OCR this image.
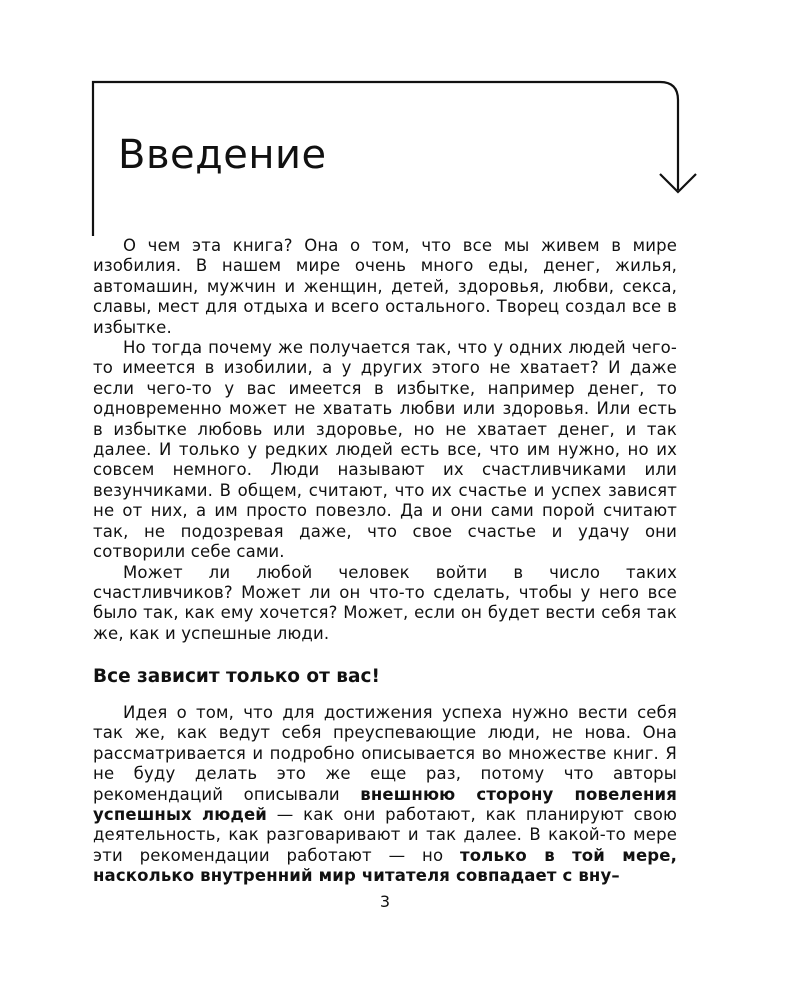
Введение

О чем эта книга? Она о том, что все мы живем в мире изобилия. В нашем мире очень много еды, денег, жилья, автомашин, мужчин и женщин, детей, здоровья, любви, секса, славы, мест для отдыха и всего остального. Творец создал все в избытке.

Но тогда почему же получается так, что у одних людей чего-то имеется в изобилии, а у других этого не хватает? И даже если чего-то у вас имеется в избытке, например денег, то одновременно может не хватать любви или здоровья. Или есть в избытке любовь или здоровье, но не хватает денег, и так далее. И только у редких людей есть все, что им нужно, но их совсем немного. Люди называют их счастливчиками или везунчиками. В общем, считают, что их счастье и успех зависят не от них, а им просто повезло. Да и они сами порой считают так, не подозревая даже, что свое счастье и удачу они сотворили себе сами.

Может ли любой человек войти в число таких счастливчиков? Может ли он что-то сделать, чтобы у него все было так, как ему хочется? Может, если он будет вести себя так же, как и успешные люди.

Все зависит только от вас!

Идея о том, что для достижения успеха нужно вести себя так же, как ведут себя преуспевающие люди, не нова. Она рассматривается и подробно описывается во множестве книг. Я не буду делать это же еще раз, потому что авторы рекомендаций описывали внешнюю сторону повеления успешных людей — как они работают, как планируют свою деятельность, как разговаривают и так далее. В какой-то мере эти рекомендации работают — но только в той мере, насколько внутренний мир читателя совпадает с вну–

3
